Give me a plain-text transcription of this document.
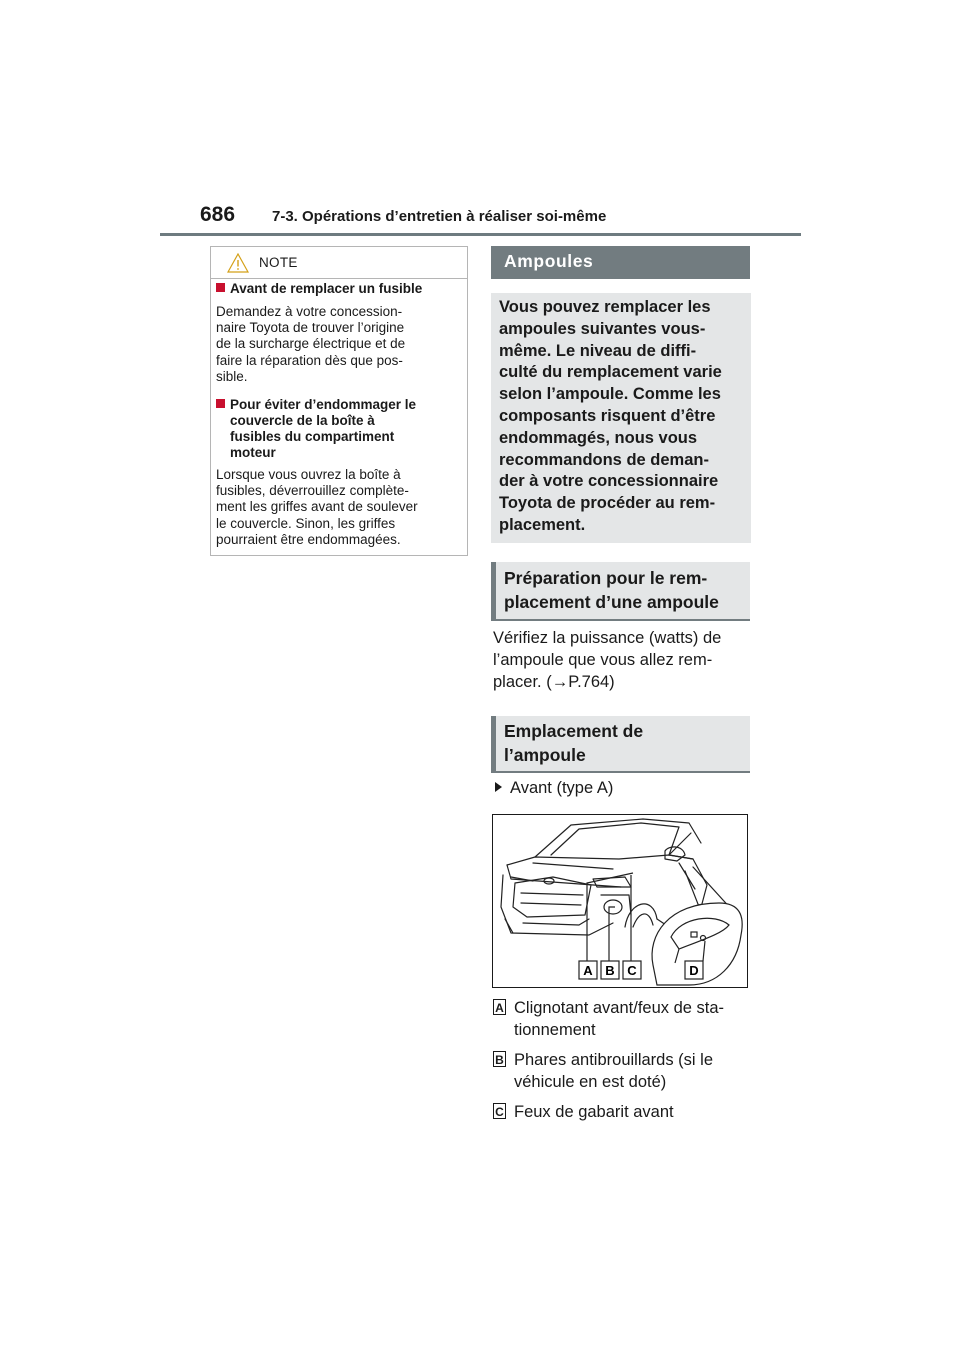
686 7-3. Opérations d’entretien à réaliser soi-même
NOTE
Avant de remplacer un fusible
Demandez à votre concession-
naire Toyota de trouver l’origine
de la surcharge électrique et de
faire la réparation dès que pos-
sible.
Pour éviter d’endommager le
couvercle de la boîte à
fusibles du compartiment
moteur
Lorsque vous ouvrez la boîte à
fusibles, déverrouillez complète-
ment les griffes avant de soulever
le couvercle. Sinon, les griffes
pourraient être endommagées.
Ampoules
Vous pouvez remplacer les
ampoules suivantes vous-
même. Le niveau de diffi-
culté du remplacement varie
selon l’ampoule. Comme les
composants risquent d’être
endommagés, nous vous
recommandons de deman-
der à votre concessionnaire
Toyota de procéder au rem-
placement.
Préparation pour le rem-
placement d’une ampoule
Vérifiez la puissance (watts) de
l’ampoule que vous allez rem-
placer. (→P.764)
Emplacement de
l’ampoule
Avant (type A)
A B C	D
A Clignotant avant/feux de sta-
tionnement
B Phares antibrouillards (si le
véhicule en est doté)
C Feux de gabarit avant
